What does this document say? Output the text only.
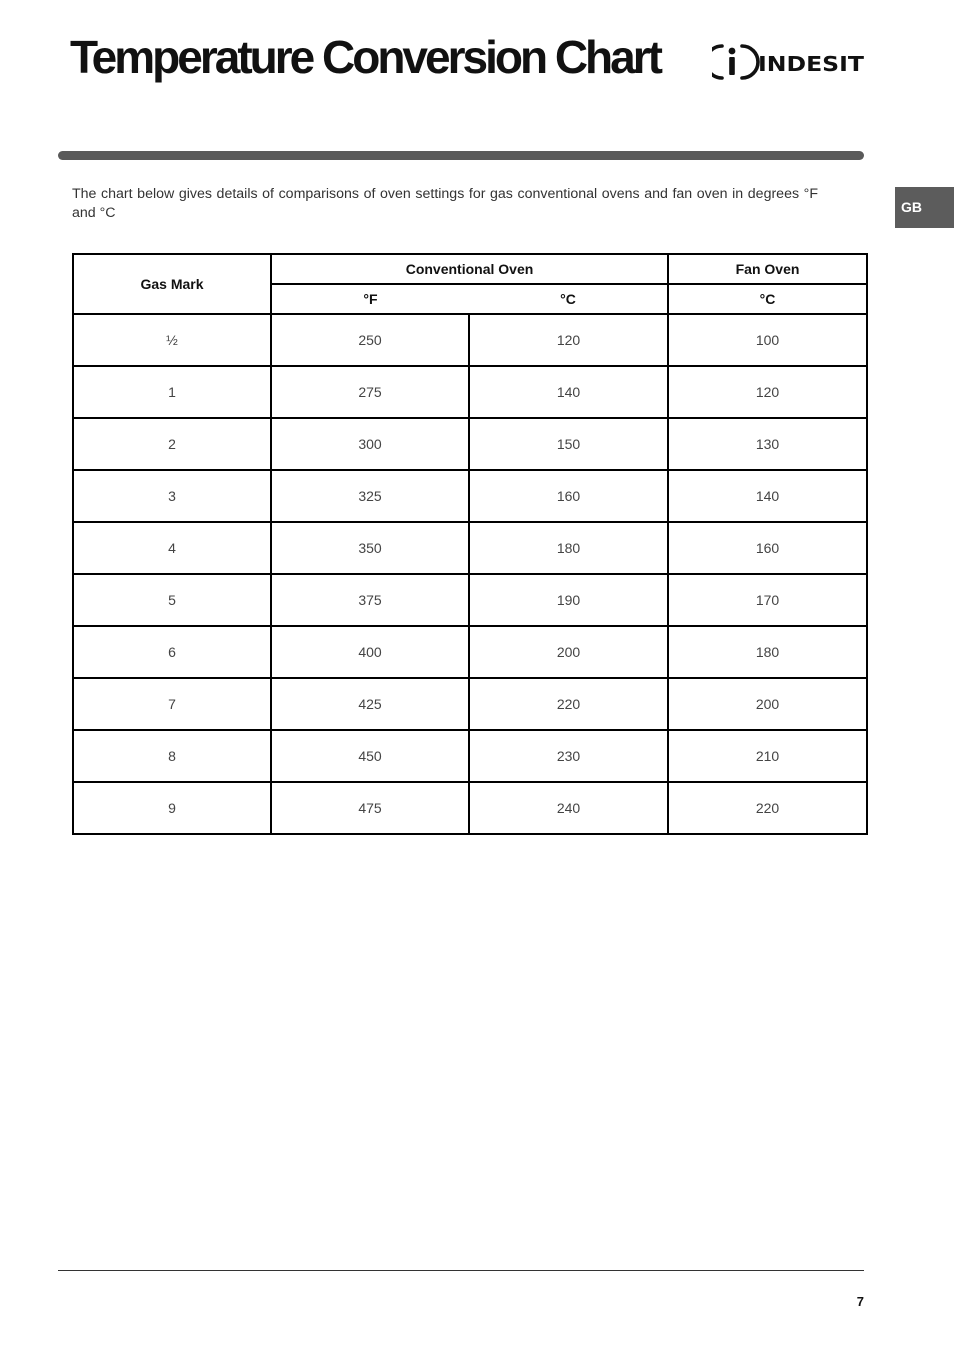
Temperature Conversion Chart	INDESIT
GB

The chart below gives details of comparisons of oven settings for gas conventional ovens and fan oven in degrees °F and °C

Gas Mark	Conventional Oven		Fan Oven
	°F	°C	°C
½	250	120	100
1	275	140	120
2	300	150	130
3	325	160	140
4	350	180	160
5	375	190	170
6	400	200	180
7	425	220	200
8	450	230	210
9	475	240	220
7
